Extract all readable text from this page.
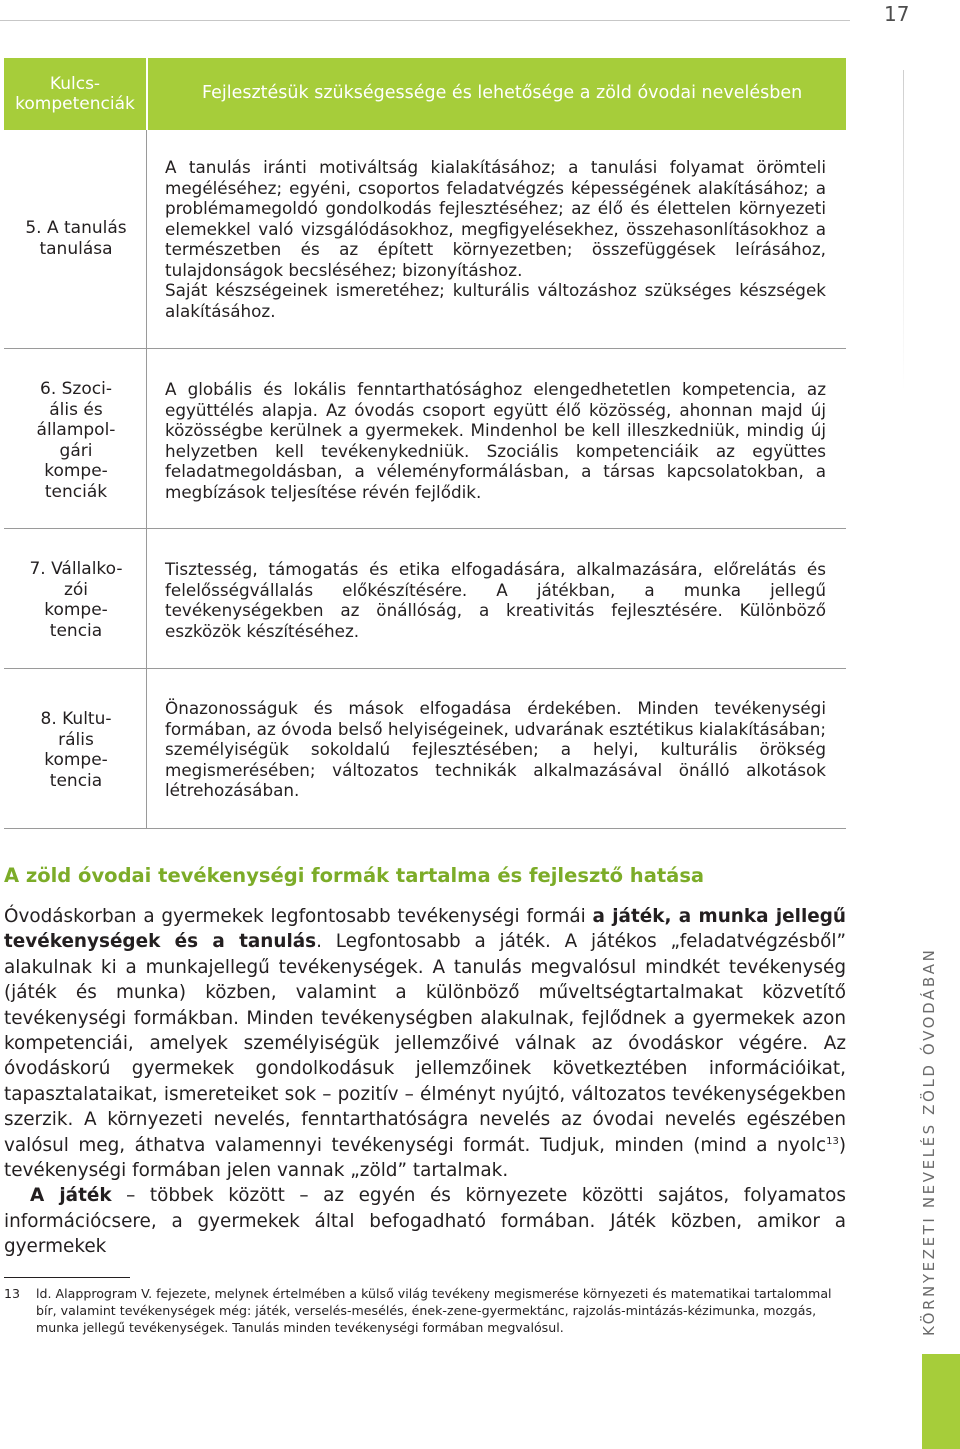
17
Kulcs-
kompetenciák
Fejlesztésük szükségessége és lehetősége a zöld óvodai nevelésben
5. A tanulás
tanulása

A tanulás iránti motiváltság kialakításához; a tanulási folyamat örömteli megéléséhez; egyéni, csoportos feladatvégzés képességének alakításához; a problémamegoldó gondolkodás fejlesztéséhez; az élő és élettelen környezeti elemekkel való vizsgálódásokhoz, megfigyelésekhez, összehasonlításokhoz a természetben és az épített környezetben; összefüggések leírásához, tulajdonságok becsléséhez; bizonyításhoz.

Saját készségeinek ismeretéhez; kulturális változáshoz szükséges készségek alakításához.

6. Szoci-
ális és
állampol-
gári
kompe-
tenciák

A globális és lokális fenntarthatósághoz elengedhetetlen kompetencia, az együttélés alapja. Az óvodás csoport együtt élő közösség, ahonnan majd új közösségbe kerülnek a gyermekek. Mindenhol be kell illeszkedniük, mindig új helyzetben kell tevékenykedniük. Szociális kompetenciáik az együttes feladatmegoldásban, a véleményformálásban, a társas kapcsolatokban, a megbízások teljesítése révén fejlődik.

7. Vállalko-
zói
kompe-
tencia

Tisztesség, támogatás és etika elfogadására, alkalmazására, előrelátás és felelősségvállalás előkészítésére. A játékban, a munka jellegű tevékenységekben az önállóság, a kreativitás fejlesztésére. Különböző eszközök készítéséhez.

8. Kultu-
rális
kompe-
tencia

Önazonosságuk és mások elfogadása érdekében. Minden tevékenységi formában, az óvoda belső helyiségeinek, udvarának esztétikus kialakításában; személyiségük sokoldalú fejlesztésében; a helyi, kulturális örökség megismerésében; változatos technikák alkalmazásával önálló alkotások létrehozásában.

A zöld óvodai tevékenységi formák tartalma és fejlesztő hatása

Óvodáskorban a gyermekek legfontosabb tevékenységi formái a játék, a munka jellegű tevékenységek és a tanulás. Legfontosabb a játék. A játékos „feladatvégzésből” alakulnak ki a munkajellegű tevékenységek. A tanulás megvalósul mindkét tevékenység (játék és munka) közben, valamint a különböző műveltségtartalmakat közvetítő tevékenységi formákban. Minden tevékenységben alakulnak, fejlődnek a gyermekek azon kompetenciái, amelyek személyiségük jellemzőivé válnak az óvodáskor végére. Az óvodáskorú gyermekek gondolkodásuk jellemzőinek következtében információikat, tapasztalataikat, ismereteiket sok – pozitív – élményt nyújtó, változatos tevékenységekben szerzik. A környezeti nevelés, fenntarthatóságra nevelés az óvodai nevelés egészében valósul meg, áthatva valamennyi tevékenységi formát. Tudjuk, minden (mind a nyolc$^{13}$) tevékenységi formában jelen vannak „zöld” tartalmak.

A játék – többek között – az egyén és környezete közötti sajátos, folyamatos információcsere, a gyermekek által befogadható formában. Játék közben, amikor a gyermekek

13 ld. Alapprogram V. fejezete, melynek értelmében a külső világ tevékeny megismerése környezeti és matematikai tartalommal bír, valamint tevékenységek még: játék, verselés-mesélés, ének-zene-gyermektánc, rajzolás-mintázás-kézimunka, mozgás, munka jellegű tevékenységek. Tanulás minden tevékenységi formában megvalósul.	KÖRNYEZETI NEVELÉS ZÖLD ÓVODÁBAN
